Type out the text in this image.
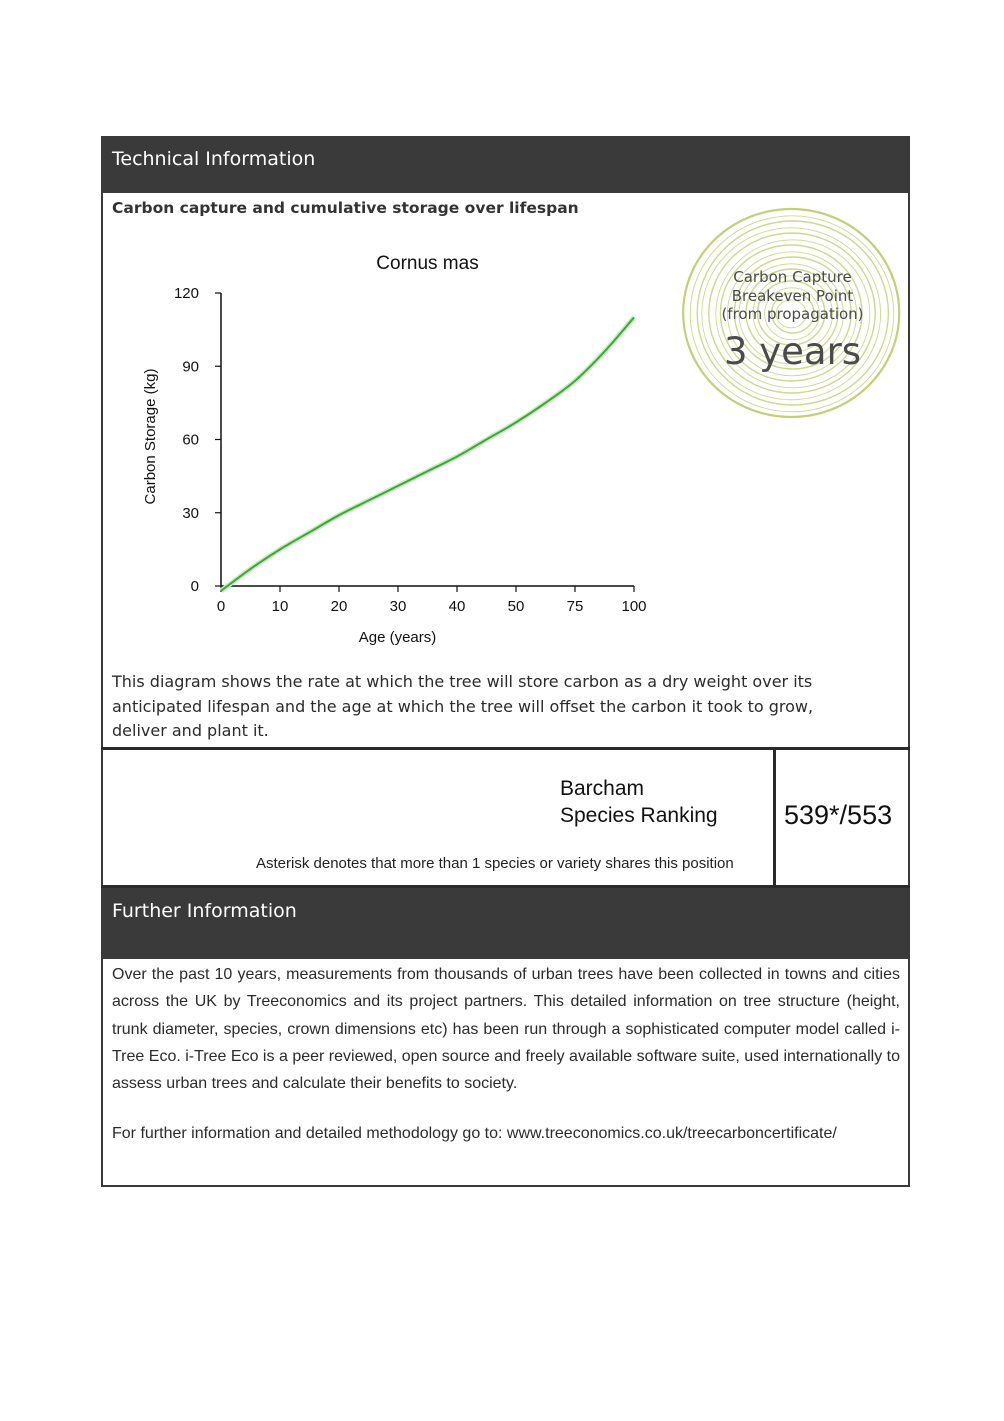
Technical Information
Carbon capture and cumulative storage over lifespan
Cornus mas
0
30
60
90
120
0	10	20	30	40	50	75	100
Age (years)
Carbon Storage (kg)
Carbon Capture
Breakeven Point
(from propagation)
3 years
This diagram shows the rate at which the tree will store carbon as a dry weight over its anticipated lifespan and the age at which the tree will offset the carbon it took to grow, deliver and plant it.
Barcham
Species Ranking 539*/553
Asterisk denotes that more than 1 species or variety shares this position
Further Information
Over the past 10 years, measurements from thousands of urban trees have been collected in towns and cities across the UK by Treeconomics and its project partners. This detailed information on tree structure (height, trunk diameter, species, crown dimensions etc) has been run through a sophisticated computer model called i-Tree Eco. i-Tree Eco is a peer reviewed, open source and freely available software suite, used internationally to assess urban trees and calculate their benefits to society.
For further information and detailed methodology go to: www.treeconomics.co.uk/treecarboncertificate/
